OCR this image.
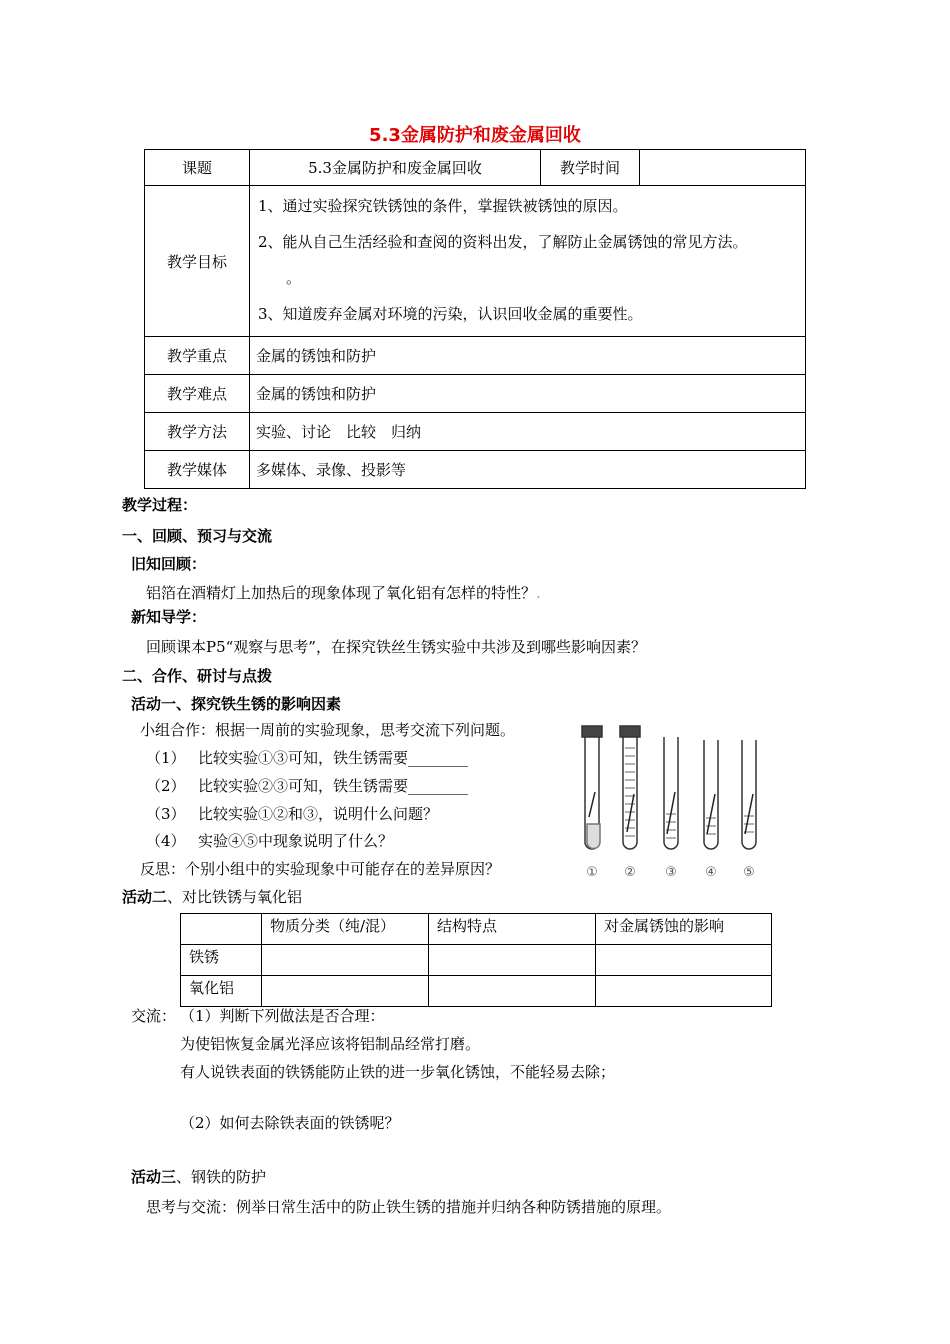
5.3金属防护和废金属回收
课题	5.3金属防护和废金属回收	教学时间	
教学目标	1、通过实验探究铁锈蚀的条件，掌握铁被锈蚀的原因。
2、能从自己生活经验和查阅的资料出发，了解防止金属锈蚀的常见方法。
。
3、知道废弃金属对环境的污染，认识回收金属的重要性。		

教学重点	金属的锈蚀和防护		
教学难点	金属的锈蚀和防护		
教学方法	实验、讨论　比较　归纳		
教学媒体	多媒体、录像、投影等		
教学过程：
一、回顾、预习与交流
旧知回顾：
铝箔在酒精灯上加热后的现象体现了氧化铝有怎样的特性？.
新知导学：
回顾课本P5“观察与思考”，在探究铁丝生锈实验中共涉及到哪些影响因素？
二、合作、研讨与点拨
活动一、探究铁生锈的影响因素
小组合作：根据一周前的实验现象，思考交流下列问题。
（1） 比较实验①③可知，铁生锈需要________
（2） 比较实验②③可知，铁生锈需要________
（3） 比较实验①②和③，说明什么问题？
（4） 实验④⑤中现象说明了什么？
反思：个别小组中的实验现象中可能存在的差异原因？	① ② ③ ④ ⑤
活动二、对比铁锈与氧化铝
	物质分类（纯/混）	结构特点	对金属锈蚀的影响
铁锈			
氧化铝			
交流： （1）判断下列做法是否合理：
为使铝恢复金属光泽应该将铝制品经常打磨。
有人说铁表面的铁锈能防止铁的进一步氧化锈蚀，不能轻易去除；
（2）如何去除铁表面的铁锈呢？
活动三、钢铁的防护
思考与交流：例举日常生活中的防止铁生锈的措施并归纳各种防锈措施的原理。
